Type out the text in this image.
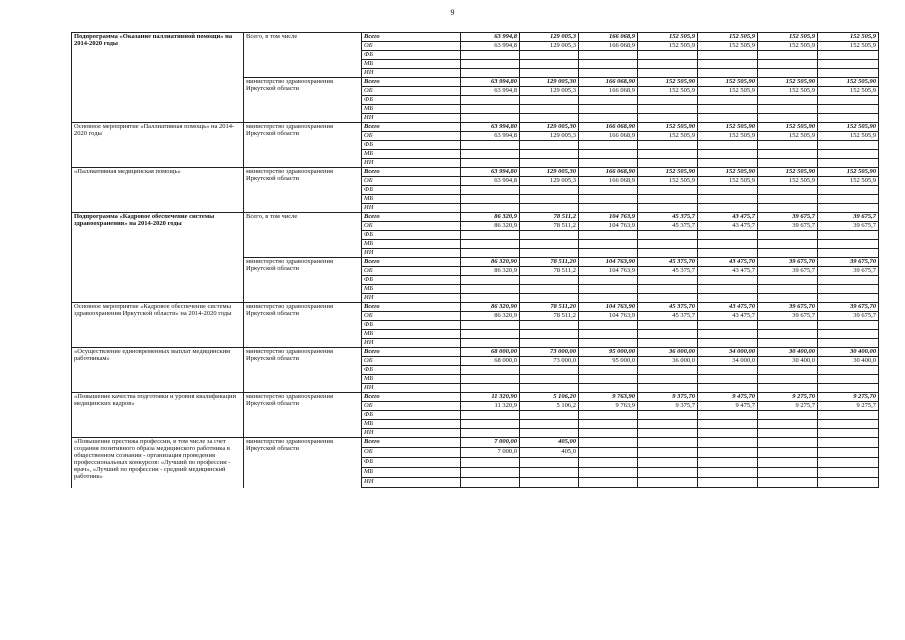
9
Подпрограмма «Оказание паллиативной помощи» на 2014-2020 годы	Всего, в том числе	Всего	63 994,8	129 005,3	166 068,9	152 505,9	152 505,9	152 505,9	152 505,9
		ОБ	63 994,8	129 005,3	166 068,9	152 505,9	152 505,9	152 505,9	152 505,9
		ФБ							
		МБ							
		ИИ							
	министерство здравоохранения Иркутской области	Всего	63 994,80	129 005,30	166 068,90	152 505,90	152 505,90	152 505,90	152 505,90
		ОБ	63 994,8	129 005,3	166 068,9	152 505,9	152 505,9	152 505,9	152 505,9
		ФБ							
		МБ							
		ИИ							
Основное мероприятие «Паллиативная помощь» на 2014-2020 годы	министерство здравоохранения Иркутской области	Всего	63 994,80	129 005,30	166 068,90	152 505,90	152 505,90	152 505,90	152 505,90
		ОБ	63 994,8	129 005,3	166 068,9	152 505,9	152 505,9	152 505,9	152 505,9
		ФБ							
		МБ							
		ИИ							
«Паллиативная медицинская помощь»	министерство здравоохранения Иркутской области	Всего	63 994,80	129 005,30	166 068,90	152 505,90	152 505,90	152 505,90	152 505,90
		ОБ	63 994,8	129 005,3	166 068,9	152 505,9	152 505,9	152 505,9	152 505,9
		ФБ							
		МБ							
		ИИ							
Подпрограмма «Кадровое обеспечение системы здравоохранения» на 2014-2020 годы	Всего, в том числе	Всего	86 320,9	78 511,2	104 763,9	45 375,7	43 475,7	39 675,7	39 675,7
		ОБ	86 320,9	78 511,2	104 763,9	45 375,7	43 475,7	39 675,7	39 675,7
		ФБ							
		МБ							
		ИИ							
	министерство здравоохранения Иркутской области	Всего	86 320,90	78 511,20	104 763,90	45 375,70	43 475,70	39 675,70	39 675,70
		ОБ	86 320,9	78 511,2	104 763,9	45 375,7	43 475,7	39 675,7	39 675,7
		ФБ							
		МБ							
		ИИ							
Основное мероприятие «Кадровое обеспечение системы здравоохранения Иркутской области» на 2014-2020 годы	министерство здравоохранения Иркутской области	Всего	86 320,90	78 511,20	104 763,90	45 375,70	43 475,70	39 675,70	39 675,70
		ОБ	86 320,9	78 511,2	104 763,9	45 375,7	43 475,7	39 675,7	39 675,7
		ФБ							
		МБ							
		ИИ							
«Осуществление единовременных выплат медицинским работникам»	министерство здравоохранения Иркутской области	Всего	68 000,00	73 000,00	95 000,00	36 000,00	34 000,00	30 400,00	30 400,00
		ОБ	68 000,0	73 000,0	95 000,0	36 000,0	34 000,0	30 400,0	30 400,0
		ФБ							
		МБ							
		ИИ							
«Повышение качества подготовки и уровня квалификации медицинских кадров»	министерство здравоохранения Иркутской области	Всего	11 320,90	5 106,20	9 763,90	9 375,70	9 475,70	9 275,70	9 275,70
		ОБ	11 320,9	5 106,2	9 763,9	9 375,7	9 475,7	9 275,7	9 275,7
		ФБ							
		МБ							
		ИИ							
«Повышение престижа профессии, в том числе за счет создания позитивного образа медицинского работника в общественном сознании - организация проведения профессиональных конкурсов: «Лучший по профессии - врач», «Лучший по профессии - средний медицинский работник»	министерство здравоохранения Иркутской области	Всего	7 000,00	405,00					
		ОБ	7 000,0	405,0					
		ФБ							
		МБ							
		ИИ							
